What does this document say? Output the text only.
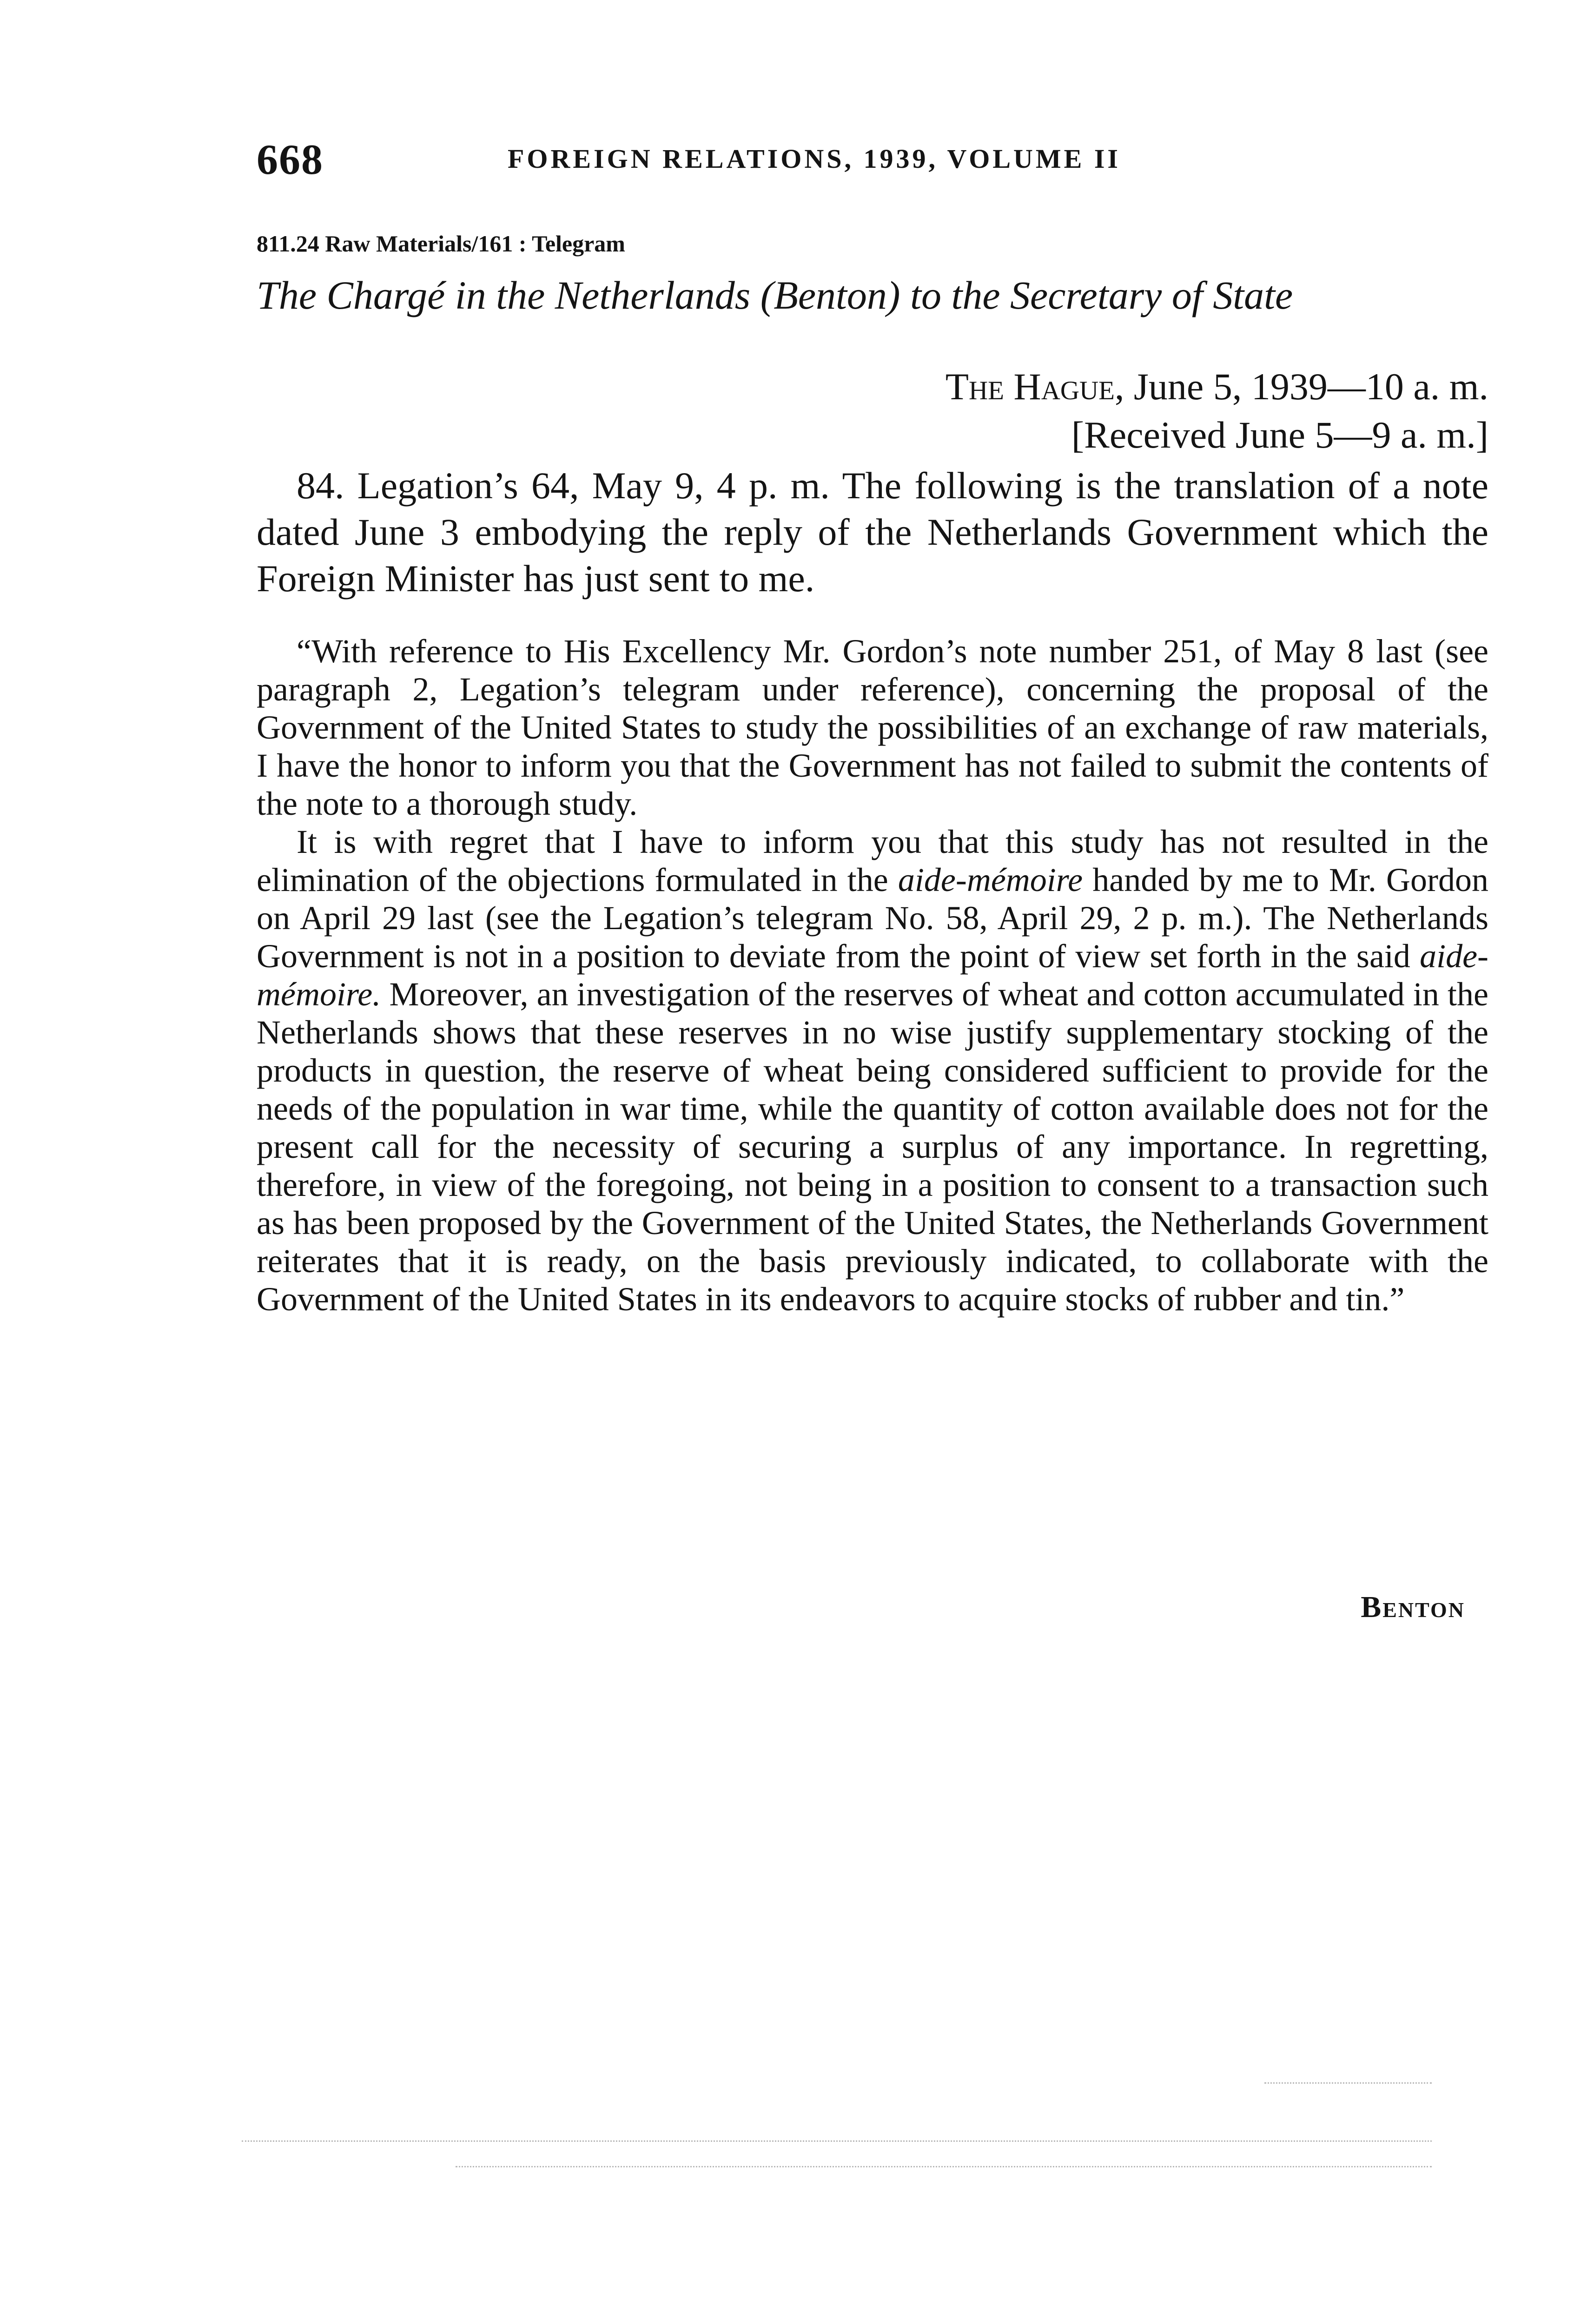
668	FOREIGN RELATIONS, 1939, VOLUME II
811.24 Raw Materials/161 : Telegram
The Chargé in the Netherlands (Benton) to the Secretary of State
The Hague, June 5, 1939—10 a. m.
[Received June 5—9 a. m.]

84. Legation’s 64, May 9, 4 p. m. The following is the translation of a note dated June 3 embodying the reply of the Netherlands Government which the Foreign Minister has just sent to me.

“With reference to His Excellency Mr. Gordon’s note number 251, of May 8 last (see paragraph 2, Legation’s telegram under reference), concerning the proposal of the Government of the United States to study the possibilities of an exchange of raw materials, I have the honor to inform you that the Government has not failed to submit the contents of the note to a thorough study.

It is with regret that I have to inform you that this study has not resulted in the elimination of the objections formulated in the aide-mémoire handed by me to Mr. Gordon on April 29 last (see the Legation’s telegram No. 58, April 29, 2 p. m.). The Netherlands Government is not in a position to deviate from the point of view set forth in the said aide-mémoire. Moreover, an investigation of the reserves of wheat and cotton accumulated in the Netherlands shows that these reserves in no wise justify supplementary stocking of the products in question, the reserve of wheat being considered sufficient to provide for the needs of the population in war time, while the quantity of cotton available does not for the present call for the necessity of securing a surplus of any importance. In regretting, therefore, in view of the foregoing, not being in a position to consent to a transaction such as has been proposed by the Government of the United States, the Netherlands Government reiterates that it is ready, on the basis previously indicated, to collaborate with the Government of the United States in its endeavors to acquire stocks of rubber and tin.”

Benton
